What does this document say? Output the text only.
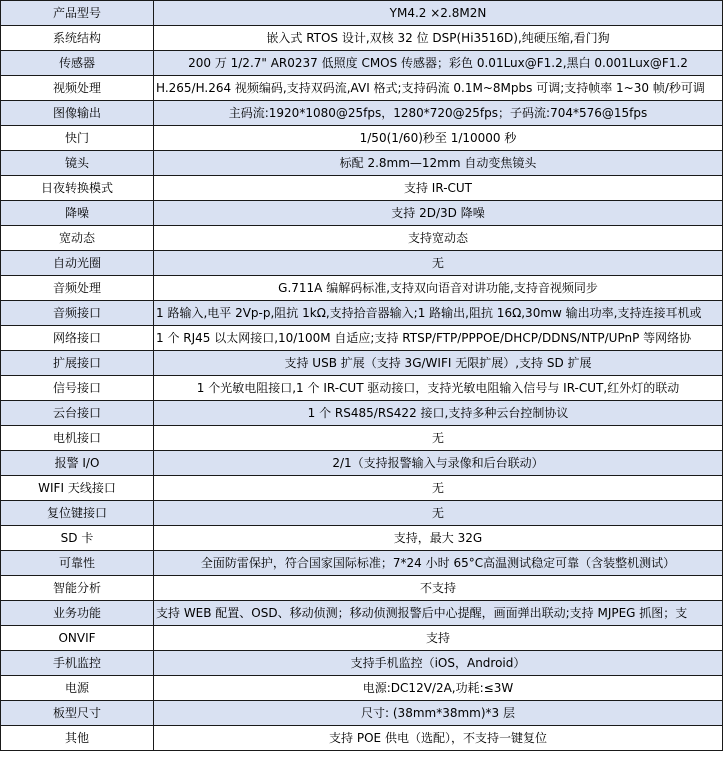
产品型号	YM4.2 ×2.8M2N
系统结构	嵌入式 RTOS 设计,双核 32 位 DSP(Hi3516D),纯硬压缩,看门狗
传感器	200 万 1/2.7" AR0237 低照度 CMOS 传感器；彩色 0.01Lux@F1.2,黑白 0.001Lux@F1.2
视频处理	H.265/H.264 视频编码,支持双码流,AVI 格式;支持码流 0.1M~8Mpbs 可调;支持帧率 1~30 帧/秒可调
图像输出	主码流:1920*1080@25fps，1280*720@25fps；子码流:704*576@15fps
快门	1/50(1/60)秒至 1/10000 秒
镜头	标配 2.8mm—12mm 自动变焦镜头
日夜转换模式	支持 IR-CUT
降噪	支持 2D/3D 降噪
宽动态	支持宽动态
自动光圈	无
音频处理	G.711A 编解码标准,支持双向语音对讲功能,支持音视频同步
音频接口	1 路输入,电平 2Vp-p,阻抗 1kΩ,支持拾音器输入;1 路输出,阻抗 16Ω,30mw 输出功率,支持连接耳机或
网络接口	1 个 RJ45 以太网接口,10/100M 自适应;支持 RTSP/FTP/PPPOE/DHCP/DDNS/NTP/UPnP 等网络协
扩展接口	支持 USB 扩展（支持 3G/WIFI 无限扩展）,支持 SD 扩展
信号接口	1 个光敏电阻接口,1 个 IR-CUT 驱动接口，支持光敏电阻输入信号与 IR-CUT,红外灯的联动
云台接口	1 个 RS485/RS422 接口,支持多种云台控制协议
电机接口	无
报警 I/O	2/1（支持报警输入与录像和后台联动）
WIFI 天线接口	无
复位键接口	无
SD 卡	支持，最大 32G
可靠性	全面防雷保护，符合国家国际标准；7*24 小时 65°C高温测试稳定可靠（含装整机测试）
智能分析	不支持
业务功能	支持 WEB 配置、OSD、移动侦测；移动侦测报警后中心提醒，画面弹出联动;支持 MJPEG 抓图；支
ONVIF	支持
手机监控	支持手机监控（iOS，Android）
电源	电源:DC12V/2A,功耗:≤3W
板型尺寸	尺寸: (38mm*38mm)*3 层
其他	支持 POE 供电（选配），不支持一键复位
